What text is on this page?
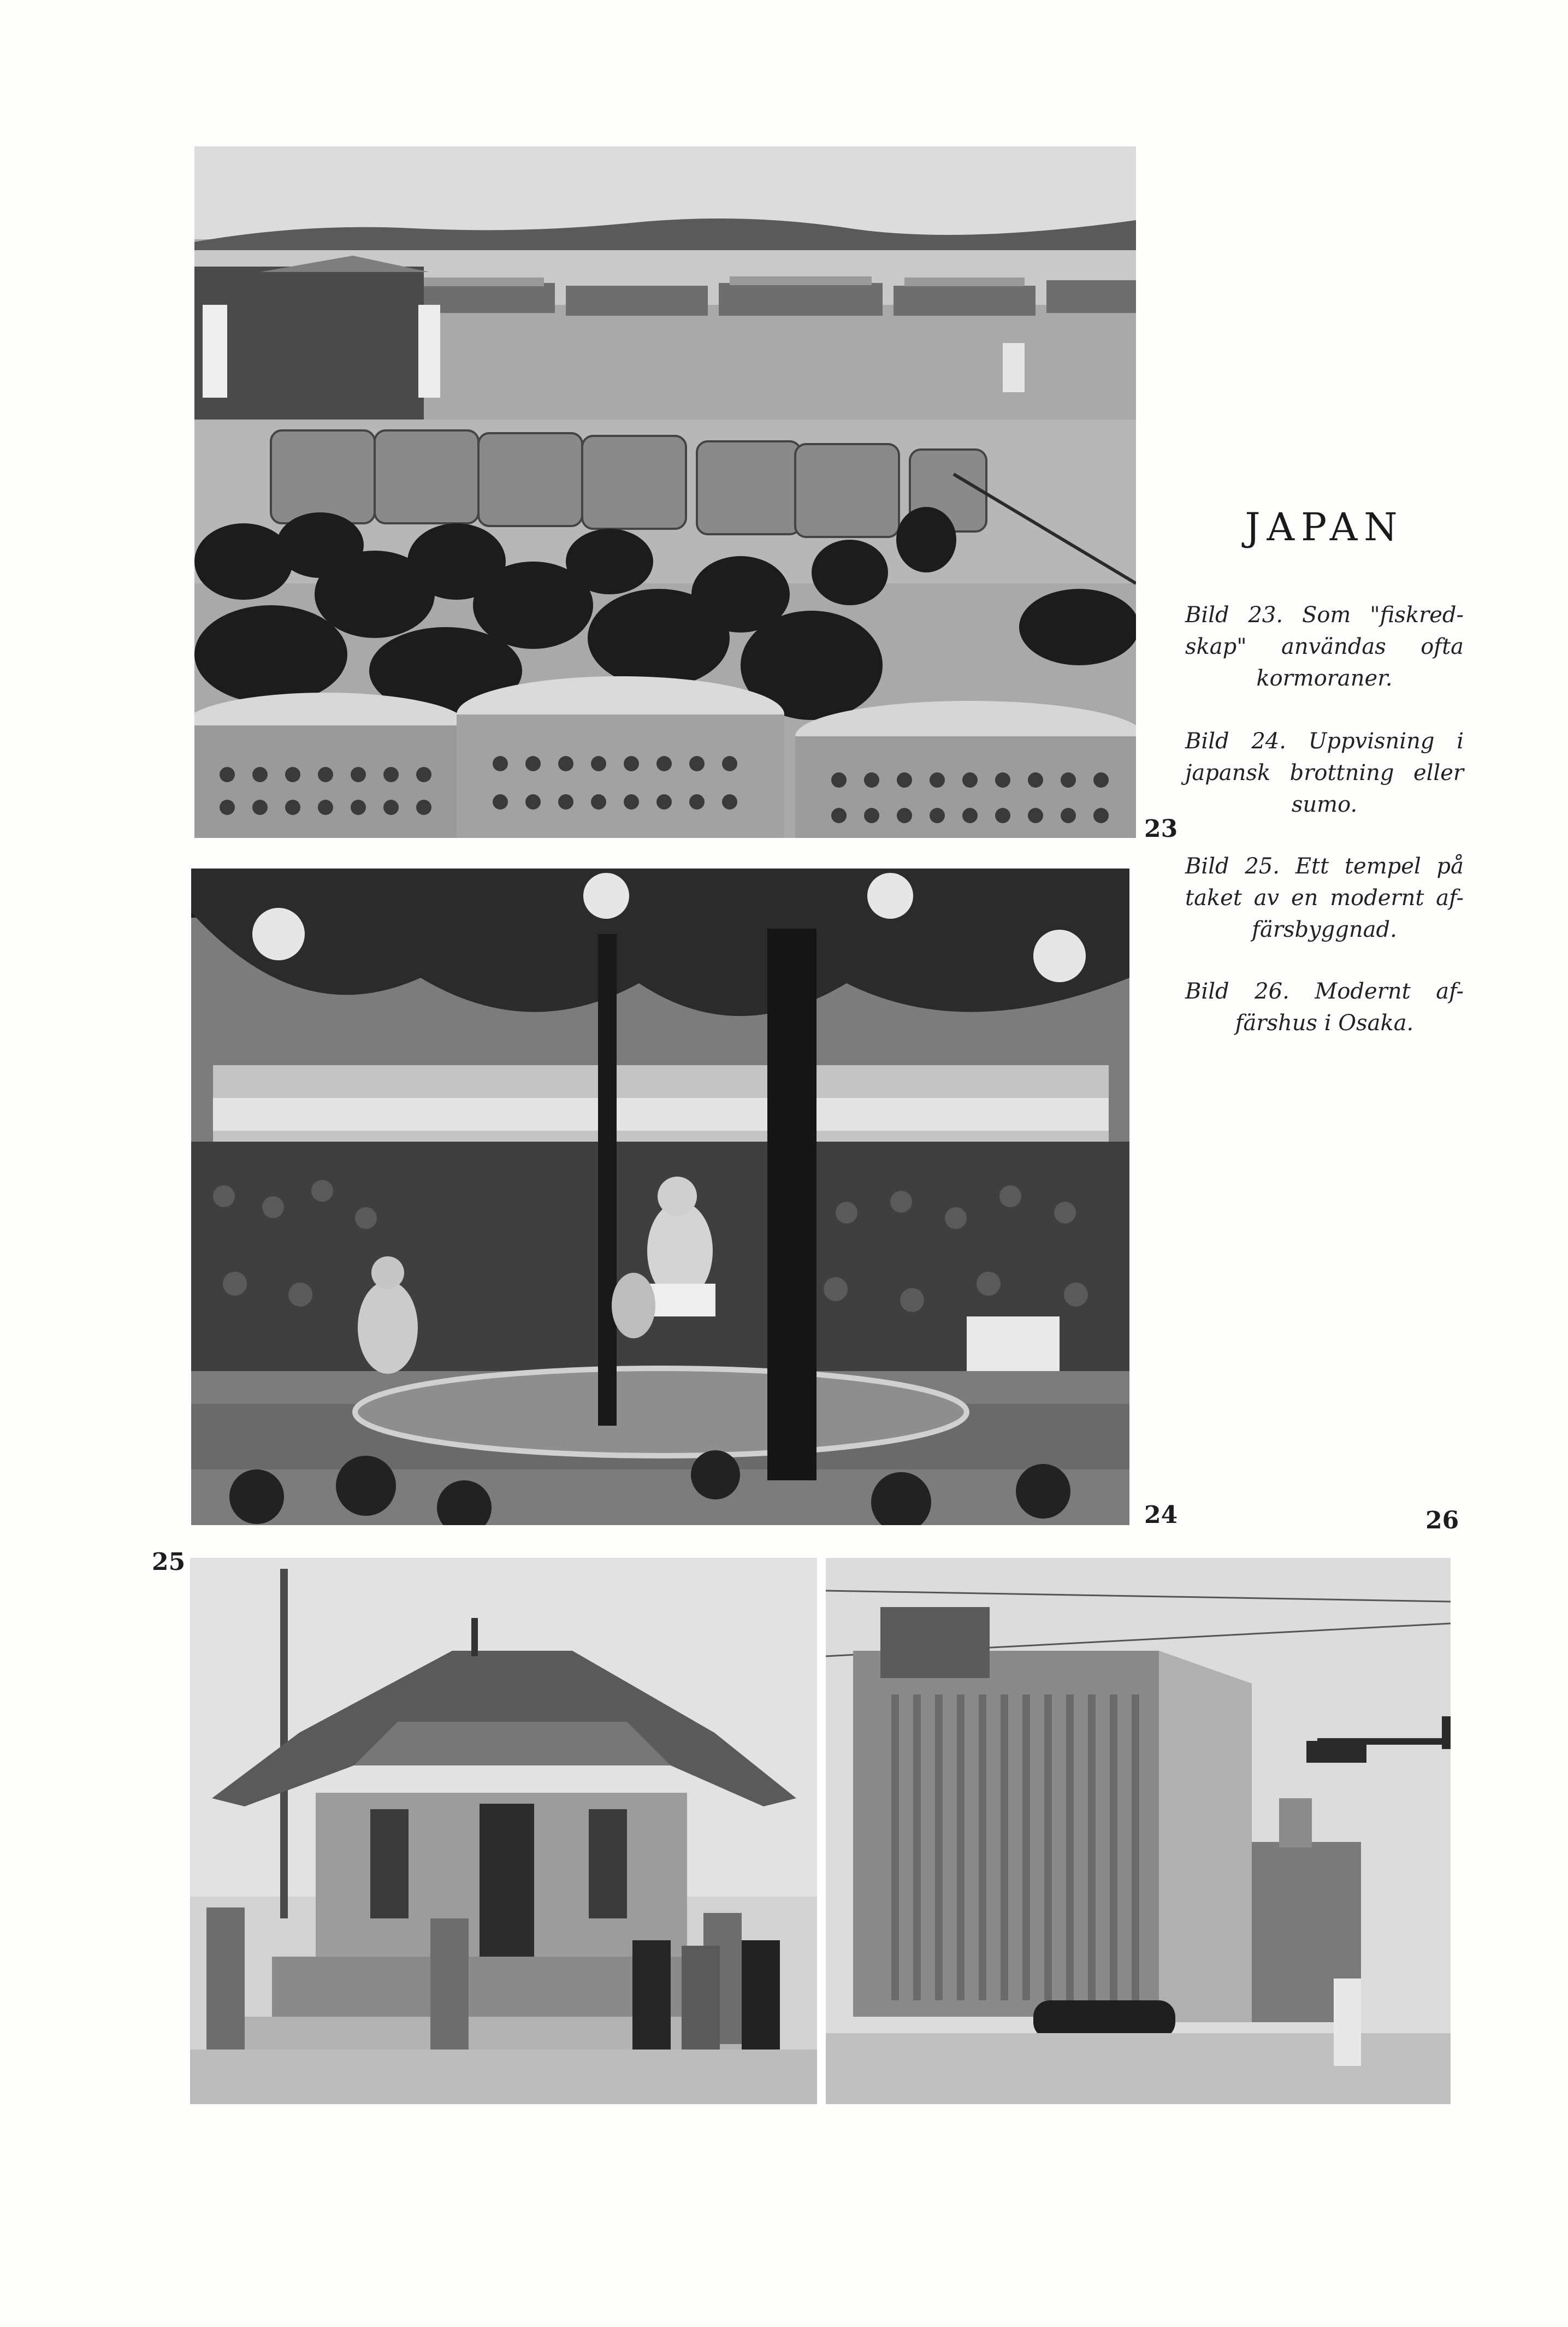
23
24
25
26
JAPAN
Bild 23. Som "fiskred-skap" användas ofta kormoraner.
Bild 24. Uppvisning i japansk brottning eller sumo.
Bild 25. Ett tempel på taket av en modernt af-färsbyggnad.
Bild 26. Modernt af-färshus i Osaka.
